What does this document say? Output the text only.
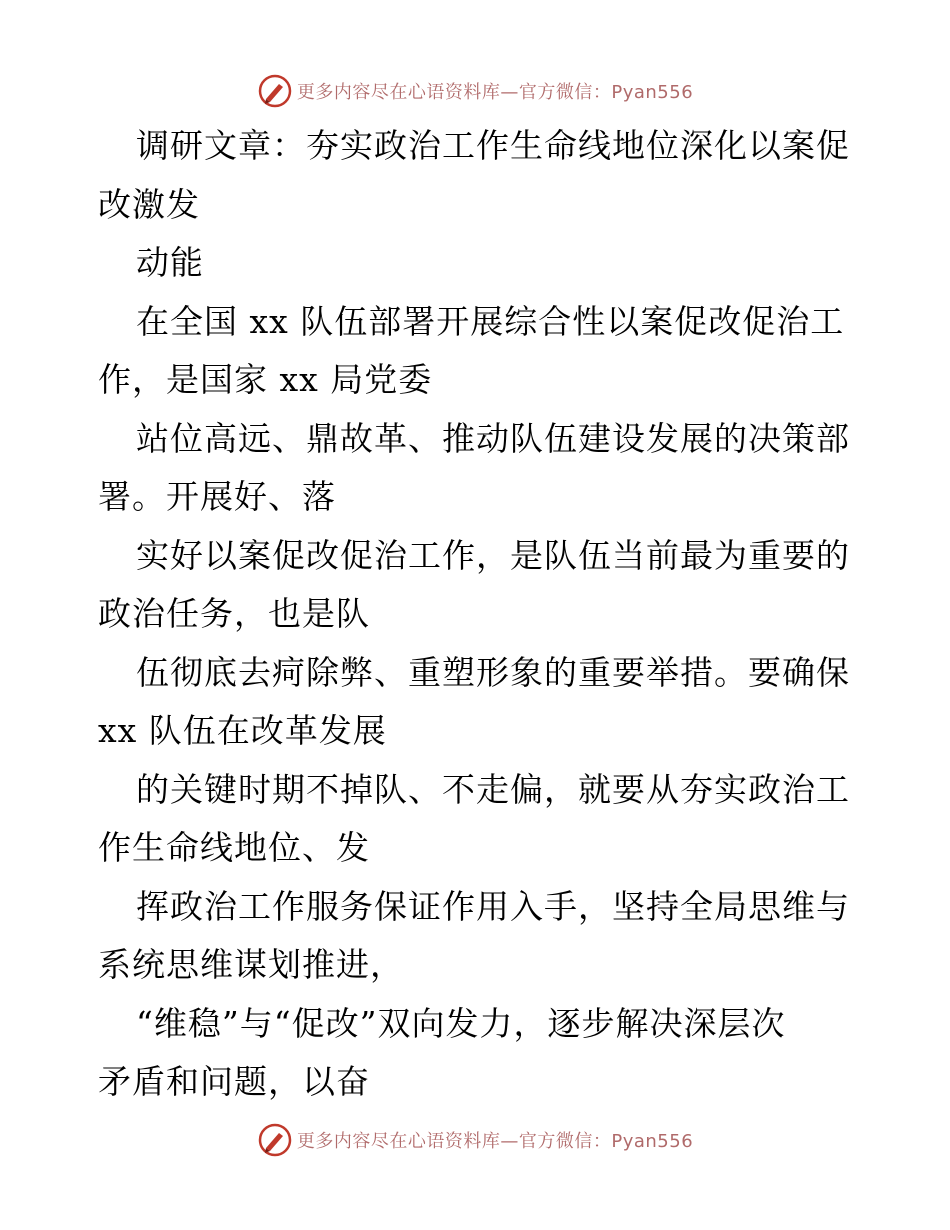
更多内容尽在心语资料库—官方微信：Pyan556
调研文章：夯实政治工作生命线地位深化以案促
改激发
动能
在全国 xx 队伍部署开展综合性以案促改促治工
作，是国家 xx 局党委
站位高远、鼎故革、推动队伍建设发展的决策部
署。开展好、落
实好以案促改促治工作，是队伍当前最为重要的
政治任务，也是队
伍彻底去疴除弊、重塑形象的重要举措。要确保
xx 队伍在改革发展
的关键时期不掉队、不走偏，就要从夯实政治工
作生命线地位、发
挥政治工作服务保证作用入手，坚持全局思维与
系统思维谋划推进，
“维稳”与“促改”双向发力，逐步解决深层次
矛盾和问题，以奋
更多内容尽在心语资料库—官方微信：Pyan556
